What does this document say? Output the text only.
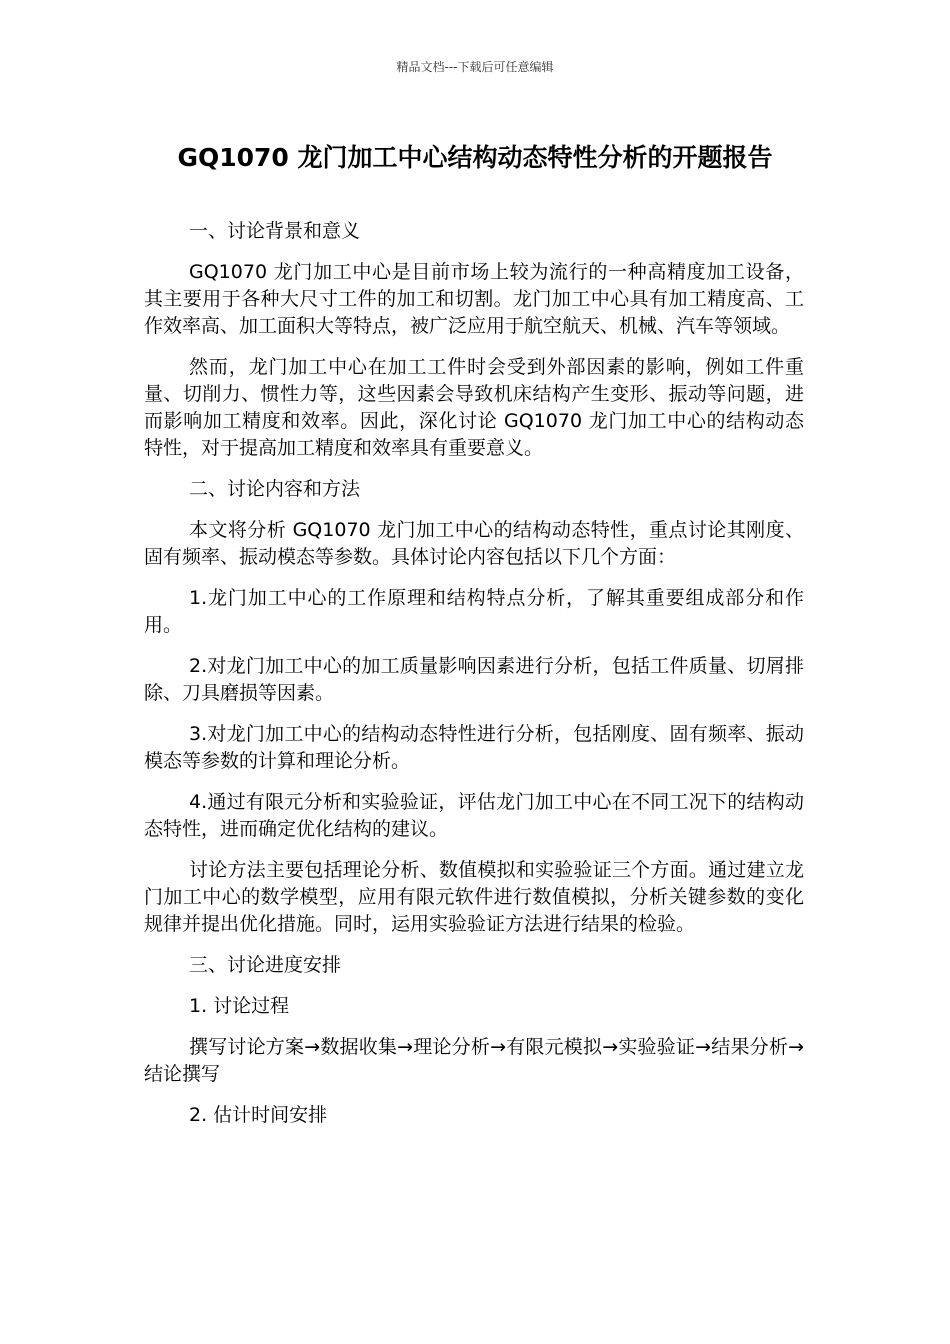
精品文档---下载后可任意编辑
GQ1070 龙门加工中心结构动态特性分析的开题报告

一、讨论背景和意义

GQ1070 龙门加工中心是目前市场上较为流行的一种高精度加工设备，其主要用于各种大尺寸工件的加工和切割。龙门加工中心具有加工精度高、工作效率高、加工面积大等特点，被广泛应用于航空航天、机械、汽车等领域。

然而，龙门加工中心在加工工件时会受到外部因素的影响，例如工件重量、切削力、惯性力等，这些因素会导致机床结构产生变形、振动等问题，进而影响加工精度和效率。因此，深化讨论 GQ1070 龙门加工中心的结构动态特性，对于提高加工精度和效率具有重要意义。

二、讨论内容和方法

本文将分析 GQ1070 龙门加工中心的结构动态特性，重点讨论其刚度、固有频率、振动模态等参数。具体讨论内容包括以下几个方面：

1.龙门加工中心的工作原理和结构特点分析，了解其重要组成部分和作用。

2.对龙门加工中心的加工质量影响因素进行分析，包括工件质量、切屑排除、刀具磨损等因素。

3.对龙门加工中心的结构动态特性进行分析，包括刚度、固有频率、振动模态等参数的计算和理论分析。

4.通过有限元分析和实验验证，评估龙门加工中心在不同工况下的结构动态特性，进而确定优化结构的建议。

讨论方法主要包括理论分析、数值模拟和实验验证三个方面。通过建立龙门加工中心的数学模型，应用有限元软件进行数值模拟，分析关键参数的变化规律并提出优化措施。同时，运用实验验证方法进行结果的检验。

三、讨论进度安排

1. 讨论过程

撰写讨论方案→数据收集→理论分析→有限元模拟→实验验证→结果分析→结论撰写

2. 估计时间安排
